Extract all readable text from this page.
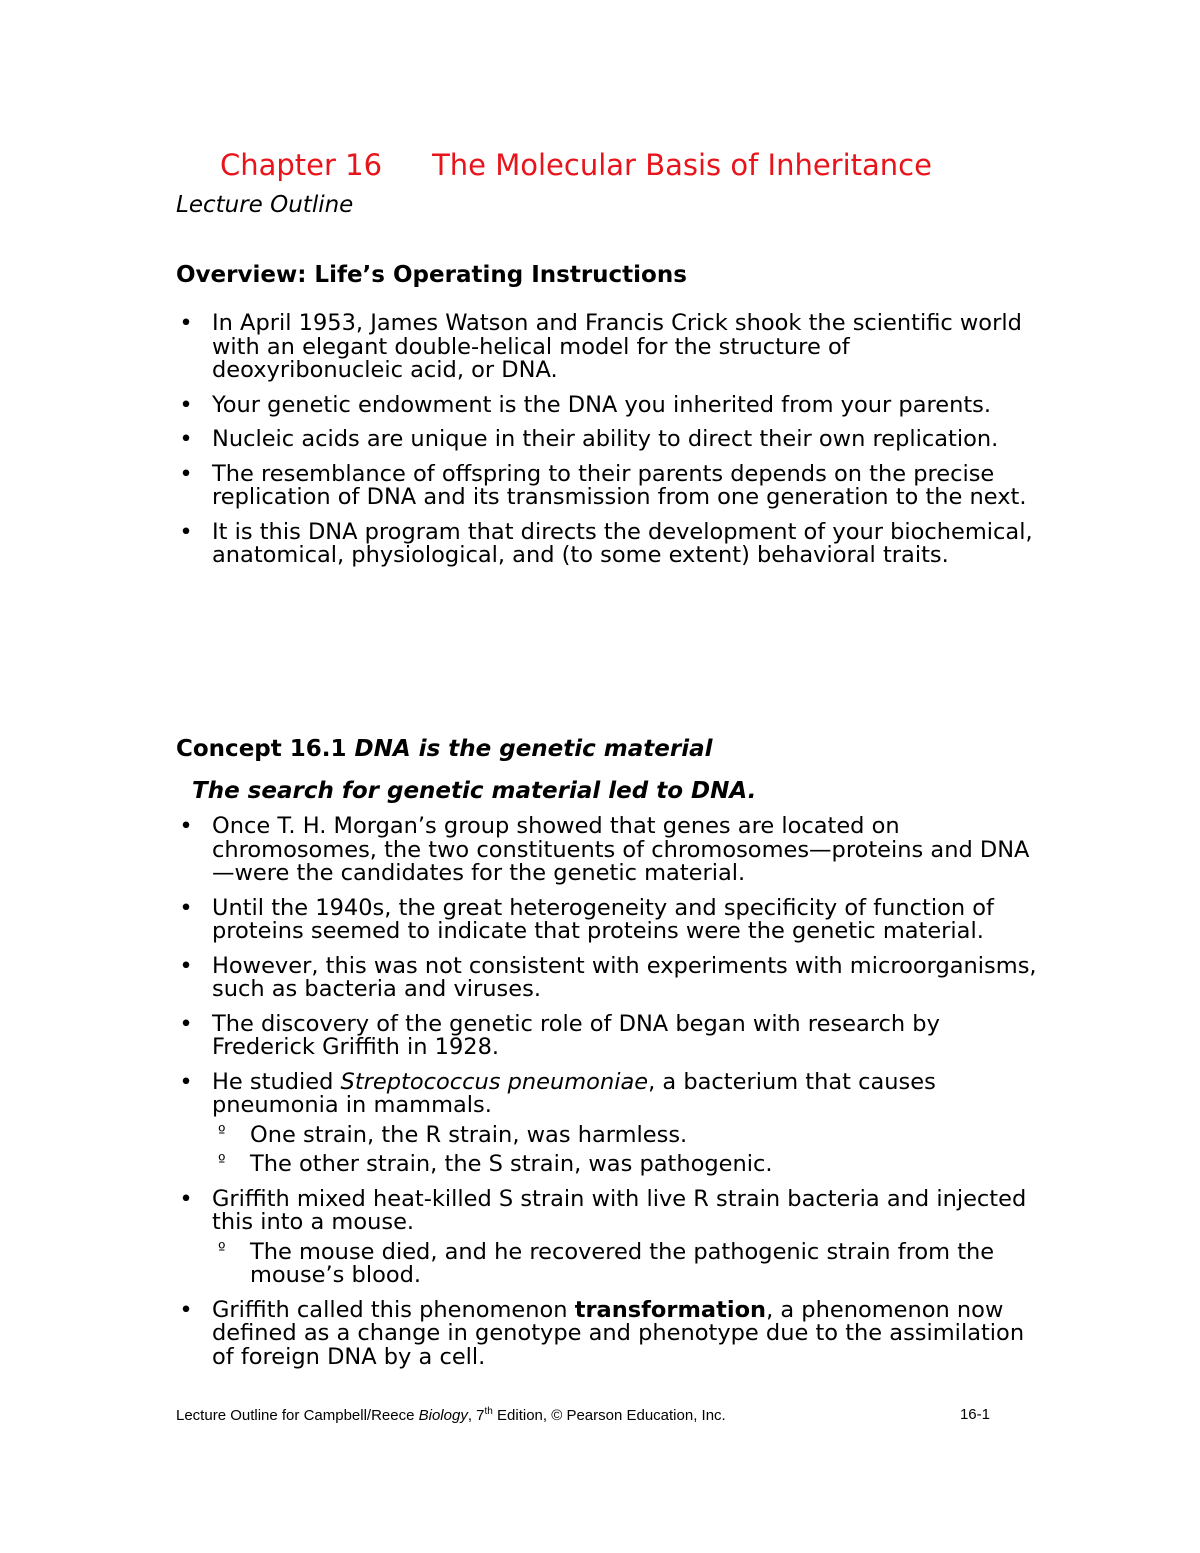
Chapter 16 The Molecular Basis of Inheritance
Lecture Outline
Overview: Life’s Operating Instructions
• In April 1953, James Watson and Francis Crick shook the scientific world with an elegant double-helical model for the structure of deoxyribonucleic acid, or DNA.
• Your genetic endowment is the DNA you inherited from your parents.
• Nucleic acids are unique in their ability to direct their own replication.
• The resemblance of offspring to their parents depends on the precise replication of DNA and its transmission from one generation to the next.
• It is this DNA program that directs the development of your biochemical, anatomical, physiological, and (to some extent) behavioral traits.
Concept 16.1 DNA is the genetic material
The search for genetic material led to DNA.
• Once T. H. Morgan’s group showed that genes are located on chromosomes, the two constituents of chromosomes—proteins and DNA—were the candidates for the genetic material.
• Until the 1940s, the great heterogeneity and specificity of function of proteins seemed to indicate that proteins were the genetic material.
• However, this was not consistent with experiments with microorganisms, such as bacteria and viruses.
• The discovery of the genetic role of DNA began with research by Frederick Griffith in 1928.
• He studied Streptococcus pneumoniae, a bacterium that causes pneumonia in mammals.
º One strain, the R strain, was harmless.
º The other strain, the S strain, was pathogenic.
• Griffith mixed heat-killed S strain with live R strain bacteria and injected this into a mouse.
º The mouse died, and he recovered the pathogenic strain from the mouse’s blood.
• Griffith called this phenomenon transformation, a phenomenon now defined as a change in genotype and phenotype due to the assimilation of foreign DNA by a cell.
Lecture Outline for Campbell/Reece Biology, 7th Edition, © Pearson Education, Inc.	16-1
